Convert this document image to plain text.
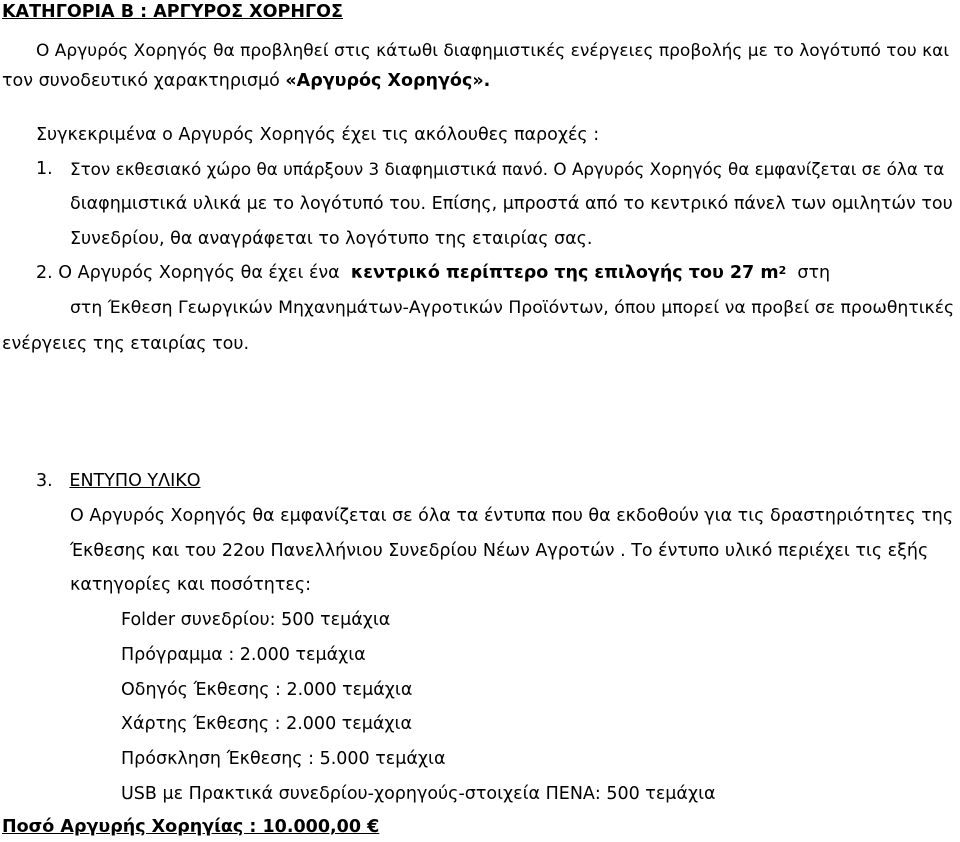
ΚΑΤΗΓΟΡΙΑ Β : ΑΡΓΥΡΟΣ ΧΟΡΗΓΟΣ
Ο Αργυρός Χορηγός θα προβληθεί στις κάτωθι διαφημιστικές ενέργειες προβολής με το λογότυπό του και
τον συνοδευτικό χαρακτηρισμό «Αργυρός Χορηγός».
Συγκεκριμένα ο Αργυρός Χορηγός έχει τις ακόλουθες παροχές :
1. Στον εκθεσιακό χώρο θα υπάρξουν 3 διαφημιστικά πανό. Ο Αργυρός Χορηγός θα εμφανίζεται σε όλα τα
διαφημιστικά υλικά με το λογότυπό του. Επίσης, μπροστά από το κεντρικό πάνελ των ομιλητών του
Συνεδρίου, θα αναγράφεται το λογότυπο της εταιρίας σας.
2. Ο Αργυρός Χορηγός θα έχει ένα κεντρικό περίπτερο της επιλογής του 27 $m^2$ στη
στη Έκθεση Γεωργικών Μηχανημάτων-Αγροτικών Προϊόντων, όπου μπορεί να προβεί σε προωθητικές
ενέργειες της εταιρίας του.
3. ΕΝΤΥΠΟ ΥΛΙΚΟ
Ο Αργυρός Χορηγός θα εμφανίζεται σε όλα τα έντυπα που θα εκδοθούν για τις δραστηριότητες της
Έκθεσης και του 22ου Πανελλήνιου Συνεδρίου Νέων Αγροτών . Το έντυπο υλικό περιέχει τις εξής
κατηγορίες και ποσότητες:
Folder συνεδρίου: 500 τεμάχια
Πρόγραμμα : 2.000 τεμάχια
Οδηγός Έκθεσης : 2.000 τεμάχια
Χάρτης Έκθεσης : 2.000 τεμάχια
Πρόσκληση Έκθεσης : 5.000 τεμάχια
USB με Πρακτικά συνεδρίου-χορηγούς-στοιχεία ΠΕΝΑ: 500 τεμάχια
Ποσό Αργυρής Χορηγίας : 10.000,00 €
